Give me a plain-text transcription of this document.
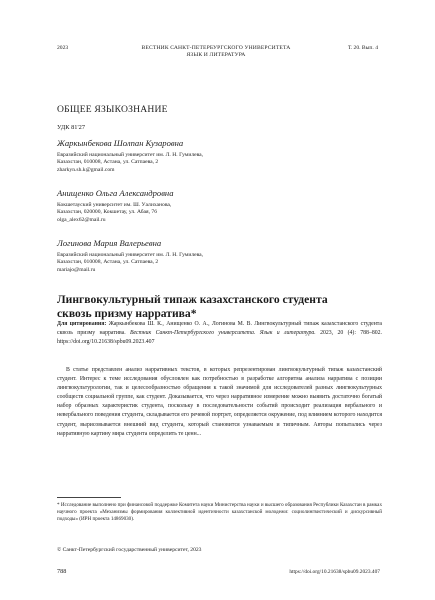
2023	ВЕСТНИК САНКТ-ПЕТЕРБУРГСКОГО УНИВЕРСИТЕТА
ЯЗЫК И ЛИТЕРАТУРА
Т. 20. Вып. 4
ОБЩЕЕ ЯЗЫКОЗНАНИЕ
УДК 81'27
Жаркынбекова Шолпан Кузаровна
Евразийский национальный университет им. Л. Н. Гумилева,
Казахстан, 010008, Астана, ул. Сатпаева, 2
zharkyn.sh.k@gmail.com
Анищенко Ольга Александровна
Кокшетауский университет им. Ш. Уалиханова,
Казахстан, 020000, Кокшетау, ул. Абая, 76
olga_alex62@mail.ru
Логинова Мария Валерьевна
Евразийский национальный университет им. Л. Н. Гумилева,
Казахстан, 010008, Астана, ул. Сатпаева, 2
mariajo@mail.ru
Лингвокультурный типаж казахстанского студента
сквозь призму нарратива*
Для цитирования: Жаркынбекова Ш. К., Анищенко О. А., Логинова М. В. Лингвокультурный типаж казахстанского студента сквозь призму нарратива. Вестник Санкт-Петербургского университета. Язык и литература. 2023, 20 (4): 788–802. https://doi.org/10.21638/spbu09.2023.407

В статье представлен анализ нарративных текстов, в которых репрезентирован лингвокультурный типаж казахстанский студент. Интерес к теме исследования обусловлен как потребностью в разработке алгоритма анализа нарратива с позиции лингвокультурологии, так и целесообразностью обращения к такой значимой для исследователей разных лингвокультурных сообществ социальной группе, как студент. Доказывается, что через нарративное измерение можно выявить достаточно богатый набор образных характеристик студента, поскольку в последовательности событий происходит реализация вербального и невербального поведения студента, складывается его речевой портрет, определяется окружение, под влиянием которого находится студент, вырисовывается внешний вид студента, который становится узнаваемым и типичным. Авторы попытались через нарративную картину мира студента определить те ценн...

* Исследование выполнено при финансовой поддержке Комитета науки Министерства науки и высшего образования Республики Казахстан в рамках научного проекта «Механизмы формирования коллективной идентичности казахстанской молодежи: социолингвистический и дискурсивный подходы» (ИРН проекта 14869030).
© Санкт-Петербургский государственный университет, 2023
788	https://doi.org/10.21638/spbu09.2023.407
